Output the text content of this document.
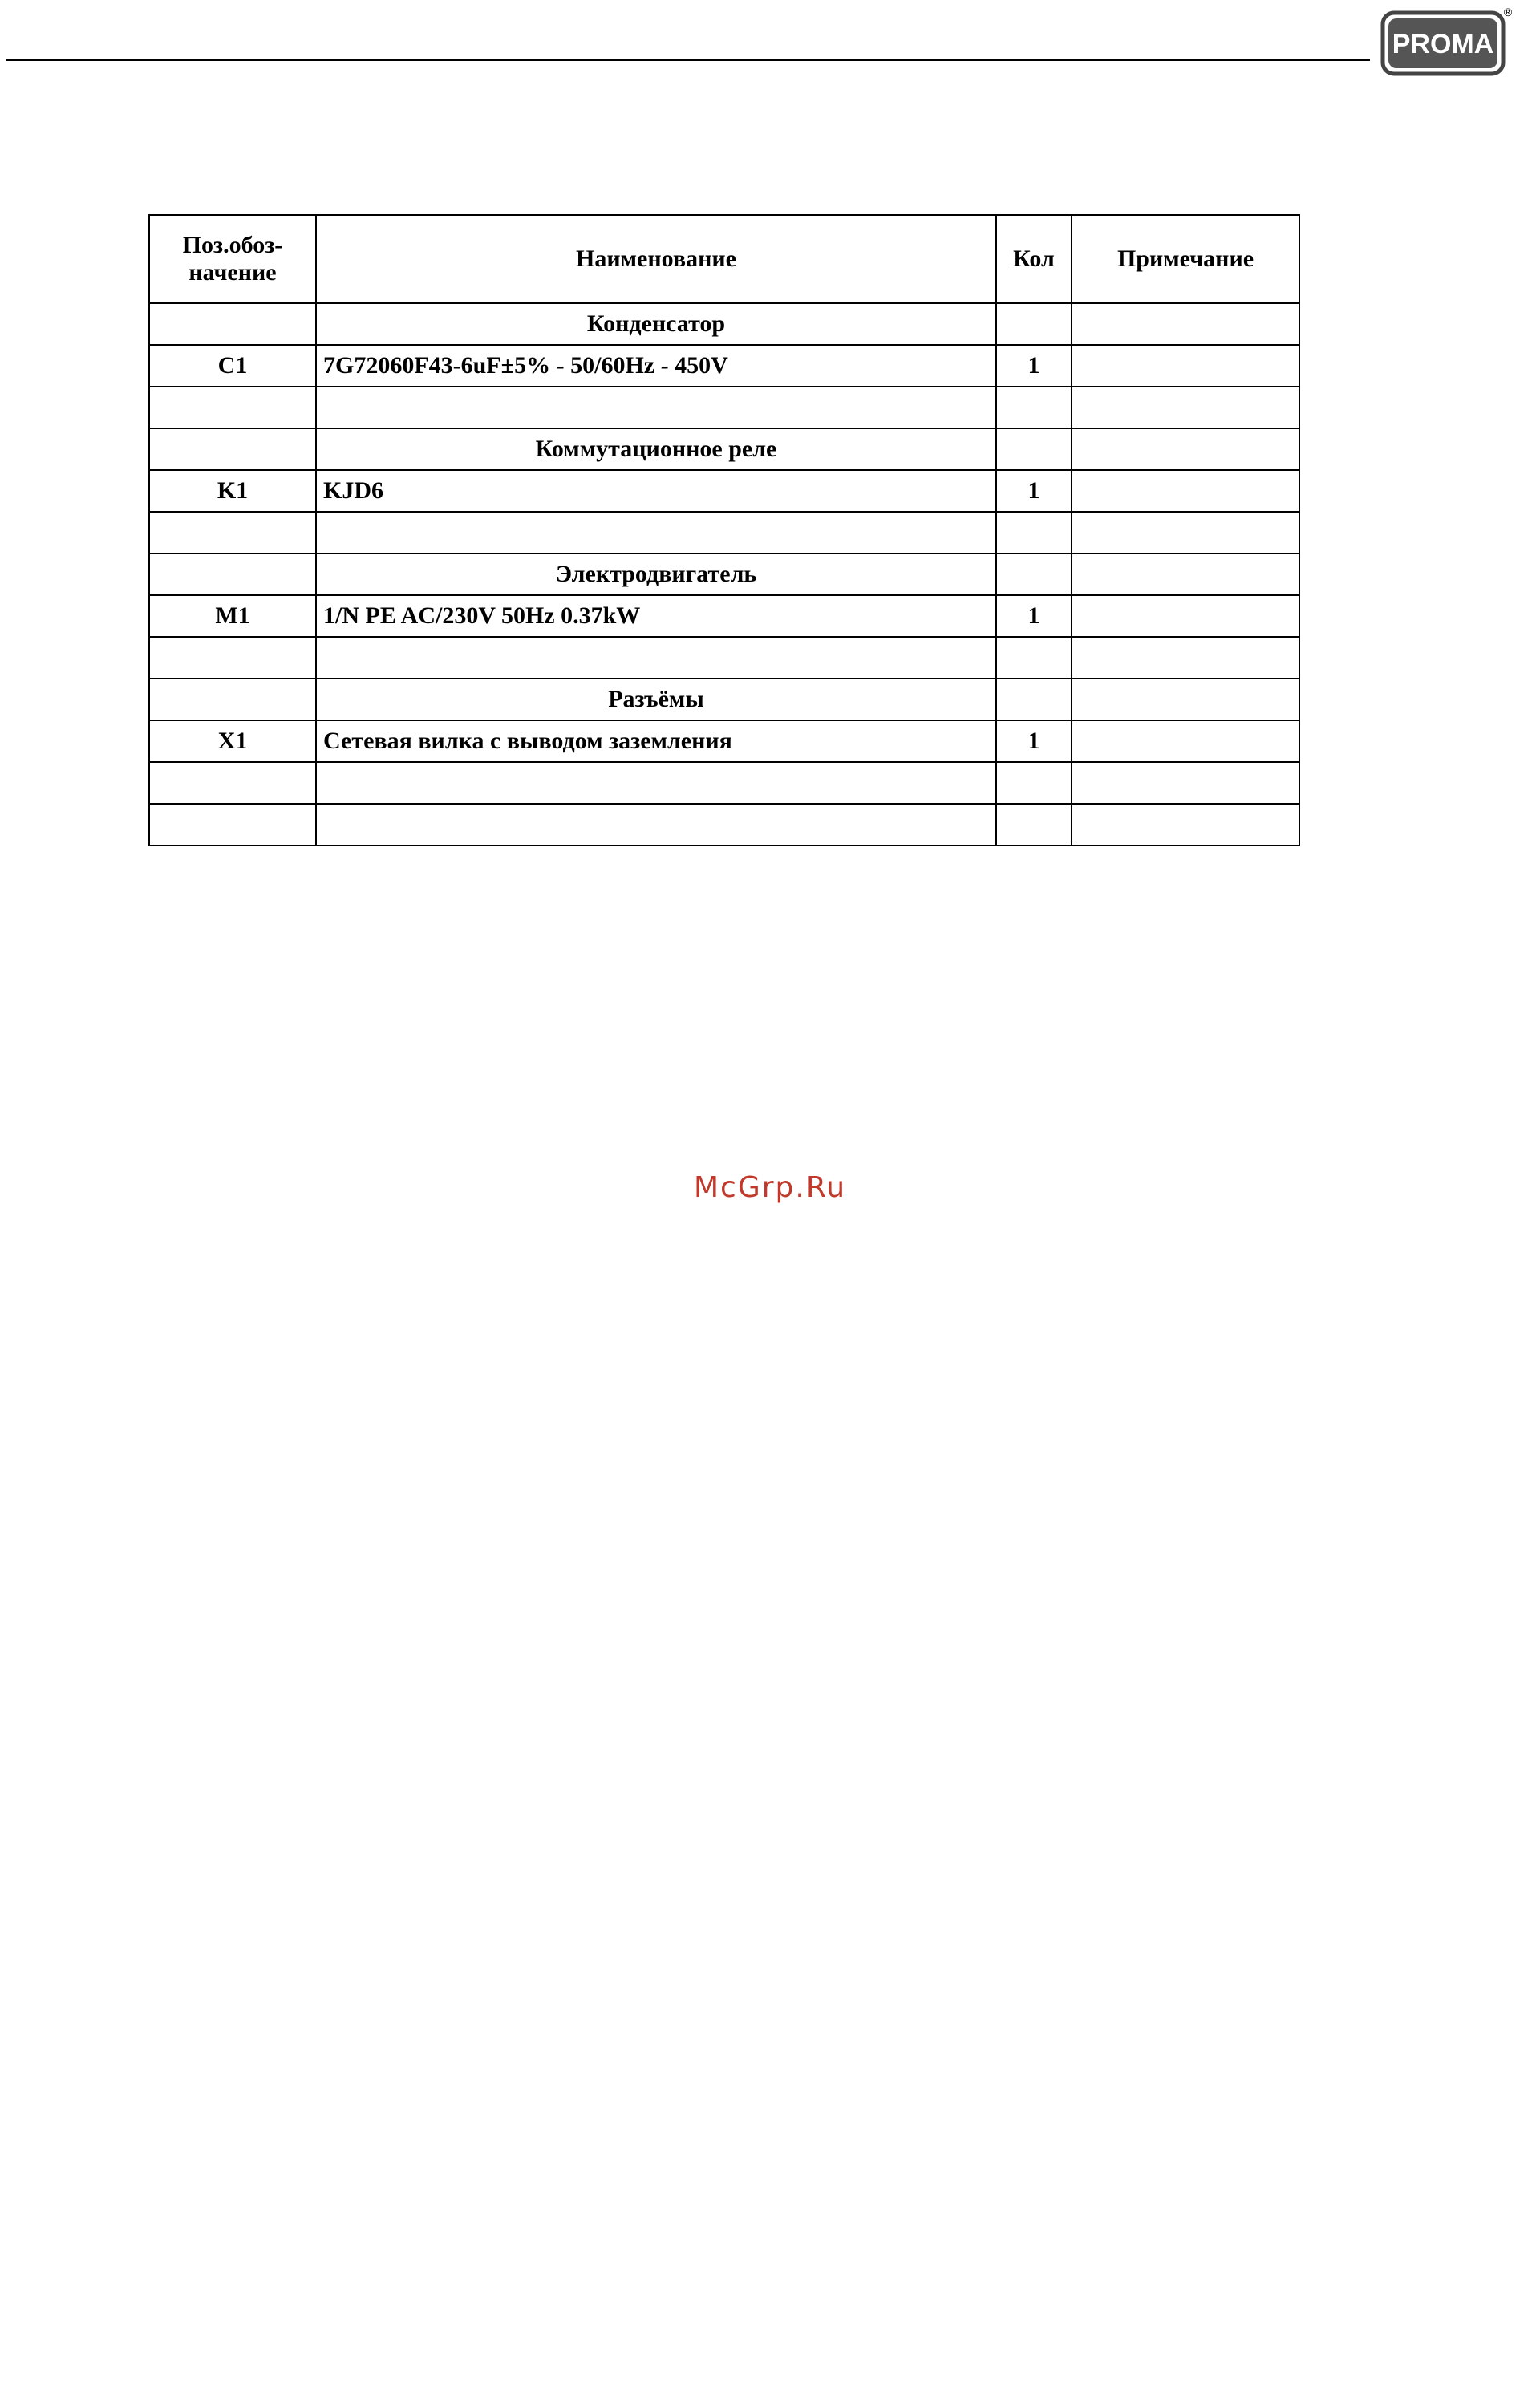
PROMA
®
Поз.обоз-начение	Наименование	Кол	Примечание
	Конденсатор		
C1	7G72060F43-6uF±5% - 50/60Hz - 450V	1	

	Коммутационное реле		
K1	KJD6	1	

	Электродвигатель		
M1	1/N PE AC/230V 50Hz 0.37kW	1	

	Разъёмы		
X1	Сетевая вилка с выводом заземления	1	

McGrp.Ru
